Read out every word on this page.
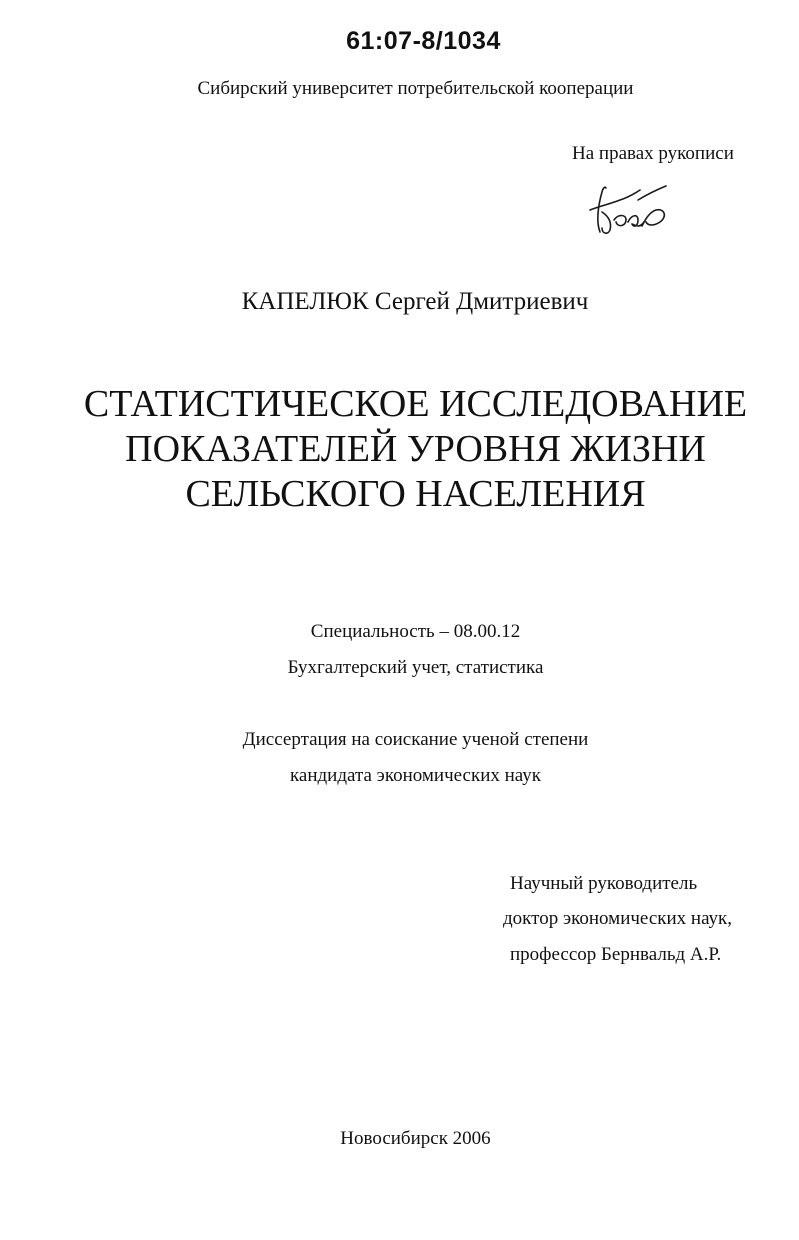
61:07-8/1034
Сибирский университет потребительской кооперации
На правах рукописи
КАПЕЛЮК Сергей Дмитриевич
СТАТИСТИЧЕСКОЕ ИССЛЕДОВАНИЕ
ПОКАЗАТЕЛЕЙ УРОВНЯ ЖИЗНИ
СЕЛЬСКОГО НАСЕЛЕНИЯ
Специальность – 08.00.12
Бухгалтерский учет, статистика
Диссертация на соискание ученой степени
кандидата экономических наук
Научный руководитель
доктор экономических наук,
профессор Бернвальд А.Р.
Новосибирск 2006
